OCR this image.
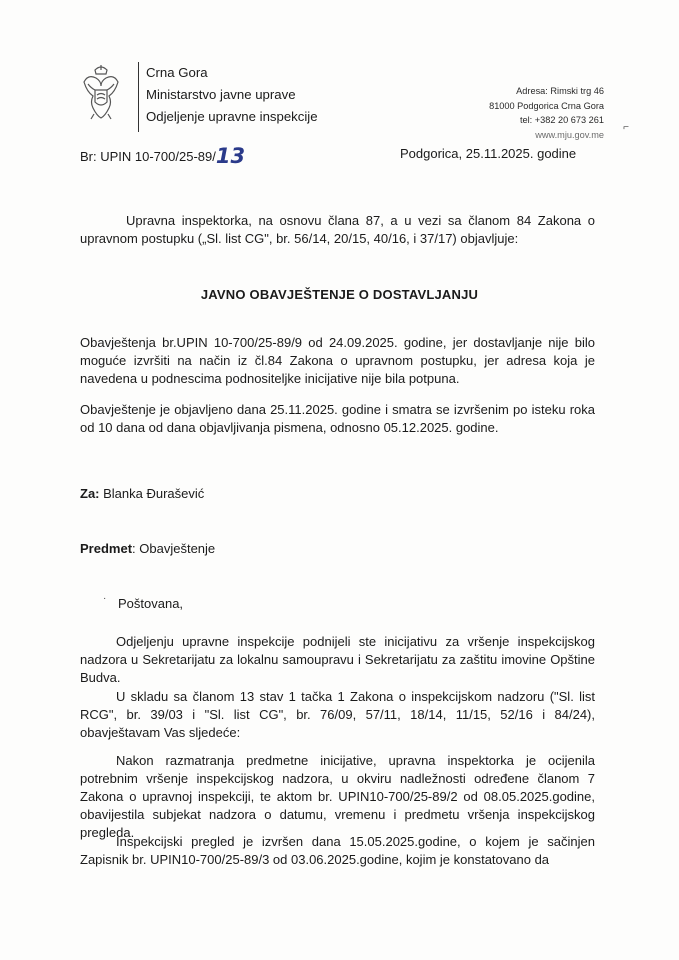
Crna Gora
Ministarstvo javne uprave
Odjeljenje upravne inspekcije
Adresa: Rimski trg 46
81000 Podgorica Crna Gora
tel: +382 20 673 261
www.mju.gov.me
⌐
Br: UPIN 10-700/25-89/13	Podgorica, 25.11.2025. godine
Upravna inspektorka, na osnovu člana 87, a u vezi sa članom 84 Zakona o upravnom postupku („Sl. list CG", br. 56/14, 20/15, 40/16, i 37/17) objavljuje:
JAVNO OBAVJEŠTENJE O DOSTAVLJANJU
Obavještenja br.UPIN 10-700/25-89/9 od 24.09.2025. godine, jer dostavljanje nije bilo moguće izvršiti na način iz čl.84 Zakona o upravnom postupku, jer adresa koja je navedena u podnescima podnositeljke inicijative nije bila potpuna.
Obavještenje je objavljeno dana 25.11.2025. godine i smatra se izvršenim po isteku roka od 10 dana od dana objavljivanja pismena, odnosno 05.12.2025. godine.
Za: Blanka Đurašević
Predmet: Obavještenje
· Poštovana,
Odjeljenju upravne inspekcije podnijeli ste inicijativu za vršenje inspekcijskog nadzora u Sekretarijatu za lokalnu samoupravu i Sekretarijatu za zaštitu imovine Opštine Budva.
U skladu sa članom 13 stav 1 tačka 1 Zakona o inspekcijskom nadzoru ("Sl. list RCG", br. 39/03 i "Sl. list CG", br. 76/09, 57/11, 18/14, 11/15, 52/16 i 84/24), obavještavam Vas sljedeće:
Nakon razmatranja predmetne inicijative, upravna inspektorka je ocijenila potrebnim vršenje inspekcijskog nadzora, u okviru nadležnosti određene članom 7 Zakona o upravnoj inspekciji, te aktom br. UPIN10-700/25-89/2 od 08.05.2025.godine, obavijestila subjekat nadzora o datumu, vremenu i predmetu vršenja inspekcijskog pregleda.
Inspekcijski pregled je izvršen dana 15.05.2025.godine, o kojem je sačinjen Zapisnik br. UPIN10-700/25-89/3 od 03.06.2025.godine, kojim je konstatovano da
